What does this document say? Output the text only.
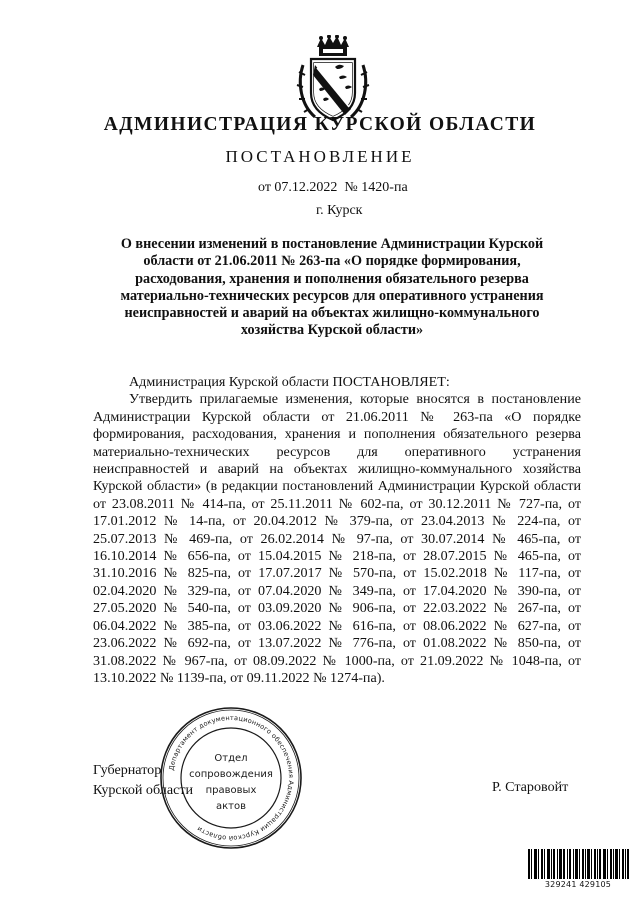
АДМИНИСТРАЦИЯ КУРСКОЙ ОБЛАСТИ
ПОСТАНОВЛЕНИЕ
от 07.12.2022  № 1420-па
г. Курск
О внесении изменений в постановление Администрации Курской
области от 21.06.2011 № 263-па «О порядке формирования,
расходования, хранения и пополнения обязательного резерва
материально-технических ресурсов для оперативного устранения
неисправностей и аварий на объектах жилищно-коммунального
хозяйства Курской области»

Администрация Курской области ПОСТАНОВЛЯЕТ:

Утвердить прилагаемые изменения, которые вносятся в постановление Администрации Курской области от 21.06.2011 № 263-па «О порядке формирования, расходования, хранения и пополнения обязательного резерва материально-технических ресурсов для оперативного устранения неисправностей и аварий на объектах жилищно-коммунального хозяйства Курской области» (в редакции постановлений Администрации Курской области от 23.08.2011 № 414-па, от 25.11.2011 № 602-па, от 30.12.2011 № 727-па, от 17.01.2012 № 14-па, от 20.04.2012 № 379-па, от 23.04.2013 № 224-па, от 25.07.2013 № 469-па, от 26.02.2014 № 97-па, от 30.07.2014 № 465-па, от 16.10.2014 № 656-па, от 15.04.2015 № 218-па, от 28.07.2015 № 465-па, от 31.10.2016 № 825-па, от 17.07.2017 № 570-па, от 15.02.2018 № 117-па, от 02.04.2020 № 329-па, от 07.04.2020 № 349-па, от 17.04.2020 № 390-па, от 27.05.2020 № 540-па, от 03.09.2020 № 906-па, от 22.03.2022 № 267-па, от 06.04.2022 № 385-па, от 03.06.2022 № 616-па, от 08.06.2022 № 627-па, от 23.06.2022 № 692-па, от 13.07.2022 № 776-па, от 01.08.2022 № 850-па, от 31.08.2022 № 967-па, от 08.09.2022 № 1000-па, от 21.09.2022 № 1048-па, от 13.10.2022 № 1139-па, от 09.11.2022 № 1274-па).

Губернатор
Курской области	Р. Старовойт
Департамент документационного обеспечения Администрации Курской области
Отдел
сопровождения
правовых
актов
329241 429105
